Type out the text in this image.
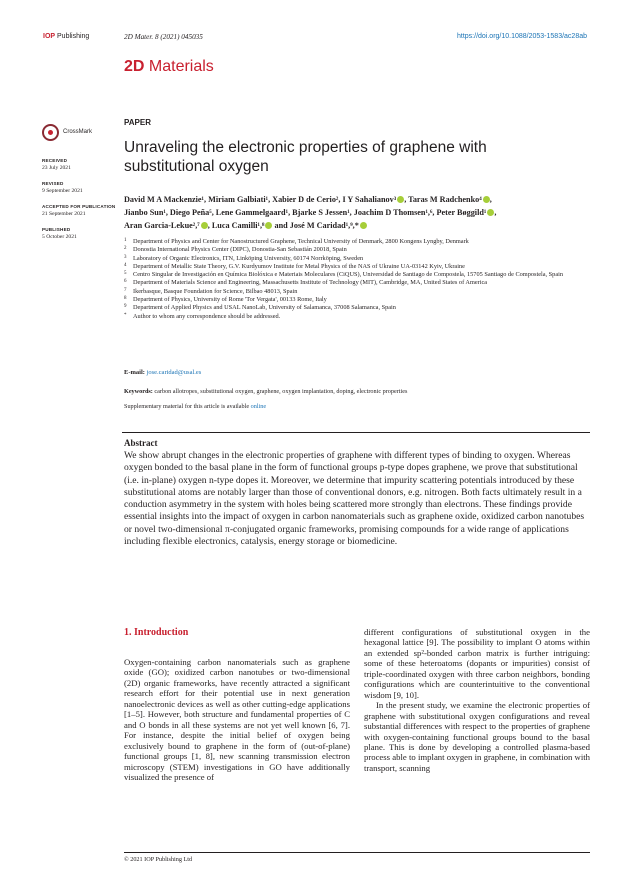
IOP Publishing	2D Mater. 8 (2021) 045035	https://doi.org/10.1088/2053-1583/ac28ab
2D Materials
CrossMark
RECEIVED
23 July 2021
REVISED
9 September 2021
ACCEPTED FOR PUBLICATION
21 September 2021
PUBLISHED
5 October 2021
PAPER
Unraveling the electronic properties of graphene with substitutional oxygen
David M A Mackenzie¹, Miriam Galbiati¹, Xabier D de Cerio², I Y Sahalianov³ , Taras M Radchenko⁴ ,
Jianbo Sun¹, Diego Peña⁵, Lene Gammelgaard¹, Bjarke S Jessen¹, Joachim D Thomsen¹,⁶, Peter Bøggild¹ ,
Aran Garcia-Lekue²,⁷ , Luca Camilli¹,⁸ and José M Caridad¹,⁹,*
1 Department of Physics and Center for Nanostructured Graphene, Technical University of Denmark, 2800 Kongens Lyngby, Denmark
2 Donostia International Physics Center (DIPC), Donostia-San Sebastián 20018, Spain
3 Laboratory of Organic Electronics, ITN, Linköping University, 60174 Norrköping, Sweden
4 Department of Metallic State Theory, G.V. Kurdyumov Institute for Metal Physics of the NAS of Ukraine UA-03142 Kyiv, Ukraine
5 Centro Singular de Investigación en Química Biolóxica e Materiais Moleculares (CiQUS), Universidad de Santiago de Compostela, 15705 Santiago de Compostela, Spain
6 Department of Materials Science and Engineering, Massachusetts Institute of Technology (MIT), Cambridge, MA, United States of America
7 Ikerbasque, Basque Foundation for Science, Bilbao 48013, Spain
8 Department of Physics, University of Rome 'Tor Vergata', 00133 Rome, Italy
9 Department of Applied Physics and USAL NanoLab, University of Salamanca, 37008 Salamanca, Spain
* Author to whom any correspondence should be addressed.
E-mail: jose.caridad@usal.es
Keywords: carbon allotropes, substitutional oxygen, graphene, oxygen implantation, doping, electronic properties
Supplementary material for this article is available online
Abstract
We show abrupt changes in the electronic properties of graphene with different types of binding to oxygen. Whereas oxygen bonded to the basal plane in the form of functional groups p-type dopes graphene, we prove that substitutional (i.e. in-plane) oxygen n-type dopes it. Moreover, we determine that impurity scattering potentials introduced by these substitutional atoms are notably larger than those of conventional donors, e.g. nitrogen. Both facts ultimately result in a conduction asymmetry in the system with holes being scattered more strongly than electrons. These findings provide essential insights into the impact of oxygen in carbon nanomaterials such as graphene oxide, oxidized carbon nanotubes or novel two-dimensional π-conjugated organic frameworks, promising compounds for a wide range of applications including flexible electronics, catalysis, energy storage or biomedicine.
1. Introduction
Oxygen-containing carbon nanomaterials such as graphene oxide (GO); oxidized carbon nanotubes or two-dimensional (2D) organic frameworks, have recently attracted a significant research effort for their potential use in next generation nanoelectronic devices as well as other cutting-edge applications [1–5]. However, both structure and fundamental properties of C and O bonds in all these systems are not yet well known [6, 7]. For instance, despite the initial belief of oxygen being exclusively bound to graphene in the form of (out-of-plane) functional groups [1, 8], new scanning transmission electron microscopy (STEM) investigations in GO have additionally visualized the presence of

different configurations of substitutional oxygen in the hexagonal lattice [9]. The possibility to implant O atoms within an extended sp²-bonded carbon matrix is further intriguing: some of these heteroatoms (dopants or impurities) consist of triple-coordinated oxygen with three carbon neighbors, bonding configurations which are counterintuitive to the conventional wisdom [9, 10].

In the present study, we examine the electronic properties of graphene with substitutional oxygen configurations and reveal substantial differences with respect to the properties of graphene with oxygen-containing functional groups bound to the basal plane. This is done by developing a controlled plasma-based process able to implant oxygen in graphene, in combination with transport, scanning

© 2021 IOP Publishing Ltd
